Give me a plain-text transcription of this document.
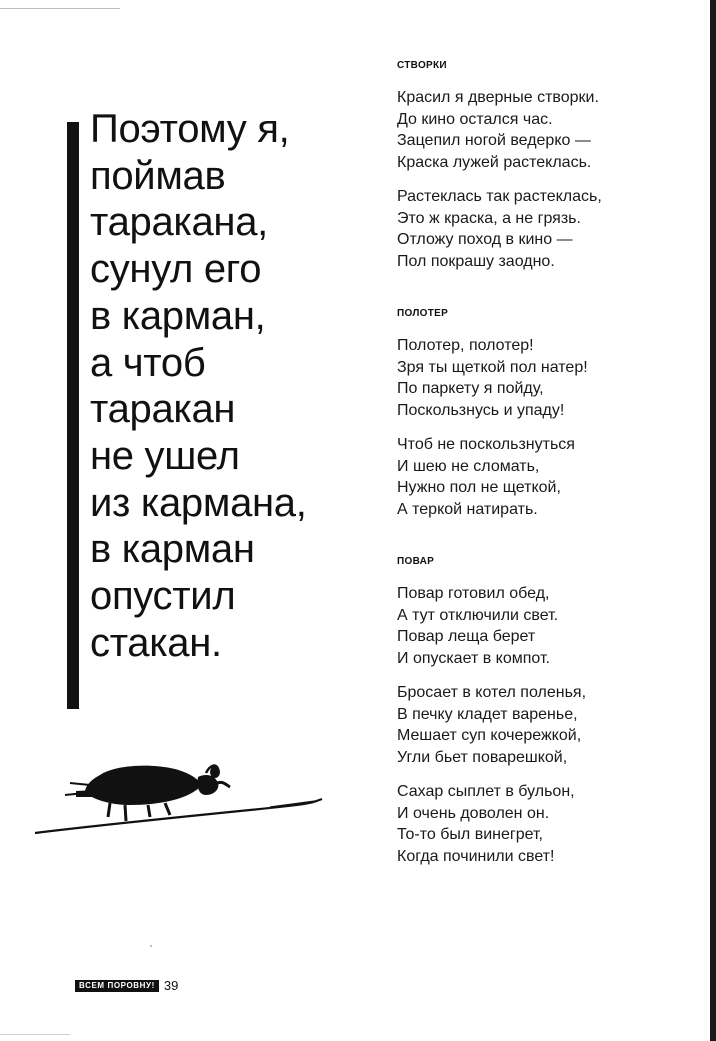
Поэтому я,
поймав
таракана,
сунул его
в карман,
а чтоб
таракан
не ушел
из кармана,
в карман
опустил
стакан.
СТВОРКИ
Красил я дверные створки.
До кино остался час.
Зацепил ногой ведерко —
Краска лужей растеклась.
Растеклась так растеклась,
Это ж краска, а не грязь.
Отложу поход в кино —
Пол покрашу заодно.
ПОЛОТЕР
Полотер, полотер!
Зря ты щеткой пол натер!
По паркету я пойду,
Поскользнусь и упаду!
Чтоб не поскользнуться
И шею не сломать,
Нужно пол не щеткой,
А теркой натирать.
ПОВАР
Повар готовил обед,
А тут отключили свет.
Повар леща берет
И опускает в компот.
Бросает в котел поленья,
В печку кладет варенье,
Мешает суп кочережкой,
Угли бьет поварешкой,
Сахар сыплет в бульон,
И очень доволен он.
То-то был винегрет,
Когда починили свет!
ВСЕМ ПОРОВНУ! 39
